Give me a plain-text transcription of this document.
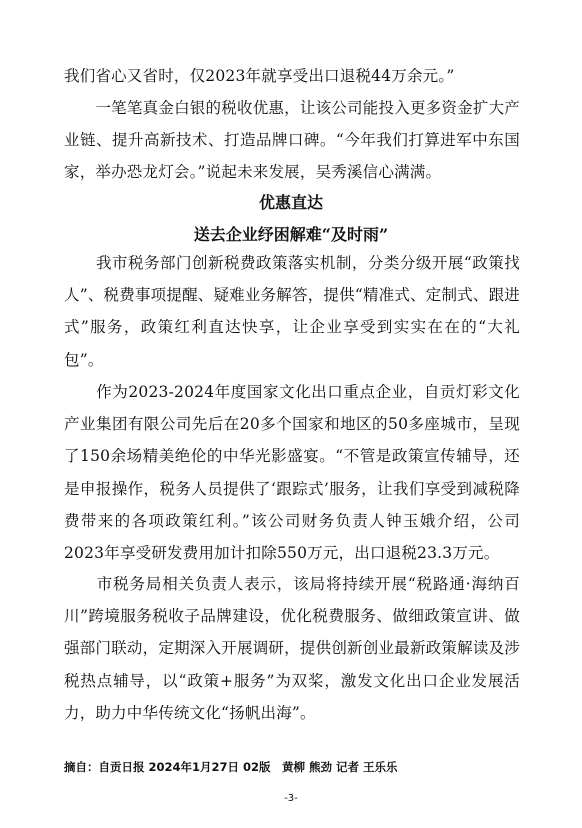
我们省心又省时，仅2023年就享受出口退税44万余元。”

　　一笔笔真金白银的税收优惠，让该公司能投入更多资金扩大产业链、提升高新技术、打造品牌口碑。“今年我们打算进军中东国家，举办恐龙灯会。”说起未来发展，吴秀溪信心满满。

优惠直达
送去企业纾困解难“及时雨”

　　我市税务部门创新税费政策落实机制，分类分级开展“政策找人”、税费事项提醒、疑难业务解答，提供“精准式、定制式、跟进式”服务，政策红利直达快享，让企业享受到实实在在的“大礼包”。

　　作为2023-2024年度国家文化出口重点企业，自贡灯彩文化产业集团有限公司先后在20多个国家和地区的50多座城市，呈现了150余场精美绝伦的中华光影盛宴。“不管是政策宣传辅导，还是申报操作，税务人员提供了‘跟踪式’服务，让我们享受到减税降费带来的各项政策红利。”该公司财务负责人钟玉娥介绍，公司2023年享受研发费用加计扣除550万元，出口退税23.3万元。

　　市税务局相关负责人表示，该局将持续开展“税路通·海纳百川”跨境服务税收子品牌建设，优化税费服务、做细政策宣讲、做强部门联动，定期深入开展调研，提供创新创业最新政策解读及涉税热点辅导，以“政策+服务”为双桨，激发文化出口企业发展活力，助力中华传统文化“扬帆出海”。

摘自：自贡日报 2024年1月27日 02版　黄柳 熊劲 记者 王乐乐
-3-
